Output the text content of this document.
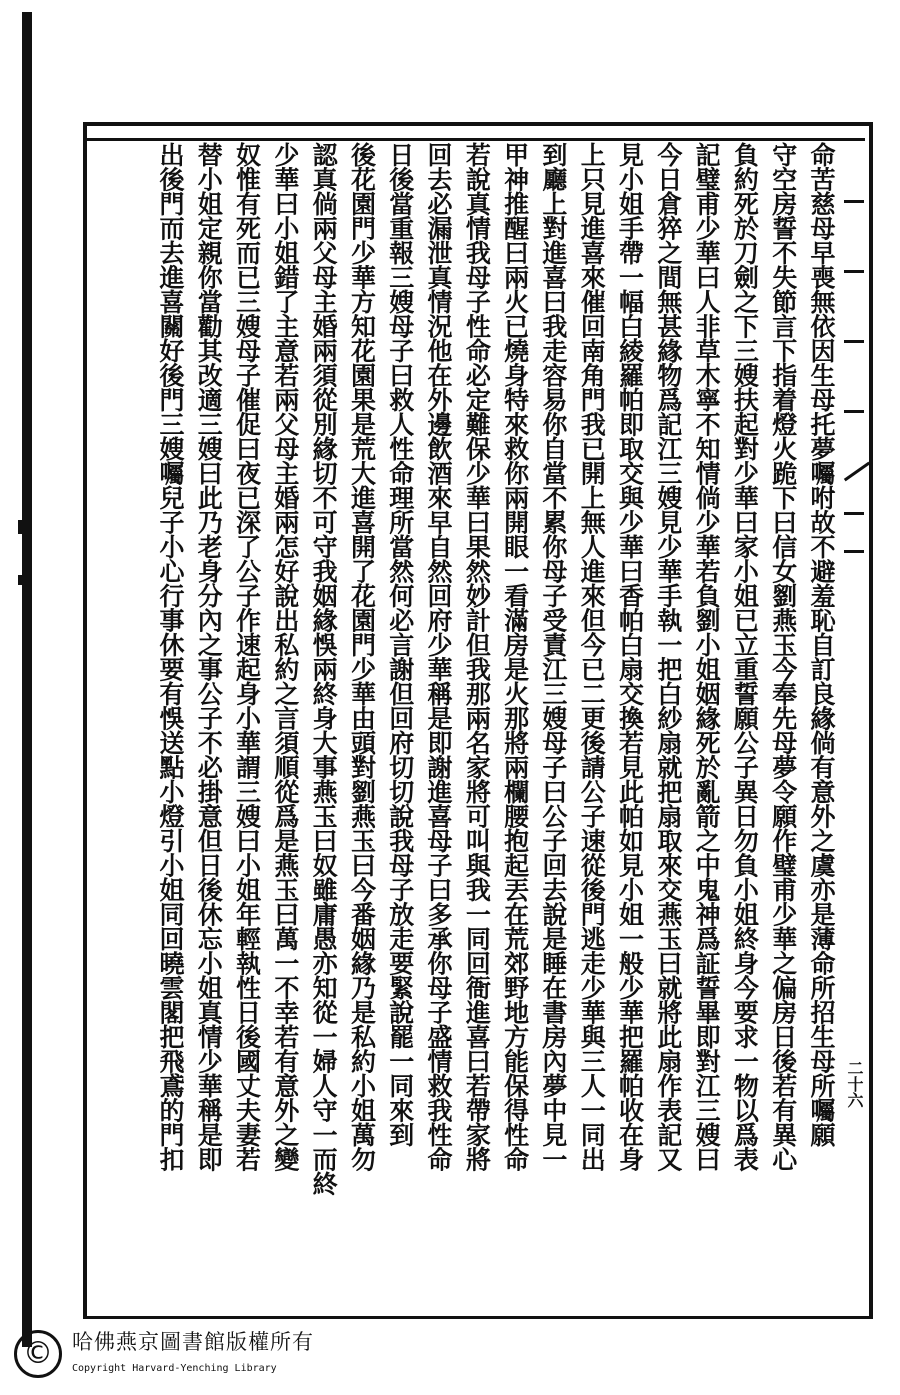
二十六
命苦慈母早喪無依因生母托夢囑咐故不避羞恥自訂良緣倘有意外之虞亦是薄命所招生母所囑願
守空房誓不失節言下指着燈火跪下曰信女劉燕玉今奉先母夢令願作璧甫少華之偏房日後若有異心
負約死於刀劍之下三嫂扶起對少華曰家小姐已立重誓願公子異日勿負小姐終身今要求一物以爲表
記璧甫少華曰人非草木寧不知情倘少華若負劉小姐姻緣死於亂箭之中鬼神爲証誓畢即對江三嫂曰
今日倉猝之間無甚緣物爲記江三嫂見少華手執一把白紗扇就把扇取來交燕玉曰就將此扇作表記又
見小姐手帶一幅白綾羅帕即取交與少華曰香帕白扇交換若見此帕如見小姐一般少華把羅帕收在身
上只見進喜來催回南角門我已開上無人進來但今已二更後請公子速從後門逃走少華與三人一同出
到廳上對進喜曰我走容易你自當不累你母子受責江三嫂母子曰公子回去說是睡在書房內夢中見一
甲神推醒曰兩火已燒身特來救你兩開眼一看滿房是火那將兩欄腰抱起丟在荒郊野地方能保得性命
若說真情我母子性命必定難保少華曰果然妙計但我那兩名家將可叫與我一同回衙進喜曰若帶家將
回去必漏泄真情況他在外邊飲酒來早自然回府少華稱是即謝進喜母子曰多承你母子盛情救我性命
日後當重報三嫂母子曰救人性命理所當然何必言謝但回府切切說我母子放走要緊說罷一同來到
後花園門少華方知花園果是荒大進喜開了花園門少華由頭對劉燕玉曰今番姻緣乃是私約小姐萬勿
認真倘兩父母主婚兩須從別緣切不可守我姻緣悞兩終身大事燕玉曰奴雖庸愚亦知從一婦人守一而終
少華曰小姐錯了主意若兩父母主婚兩怎好說出私約之言須順從爲是燕玉曰萬一不幸若有意外之變
奴惟有死而已三嫂母子催促曰夜已深了公子作速起身小華謂三嫂曰小姐年輕執性日後國丈夫妻若
替小姐定親你當勸其改適三嫂曰此乃老身分內之事公子不必掛意但日後休忘小姐真情少華稱是即
出後門而去進喜關好後門三嫂囑兒子小心行事休要有悞送點小燈引小姐同回曉雲閣把飛鳶的門扣
© 哈佛燕京圖書館版權所有
Copyright Harvard-Yenching Library
